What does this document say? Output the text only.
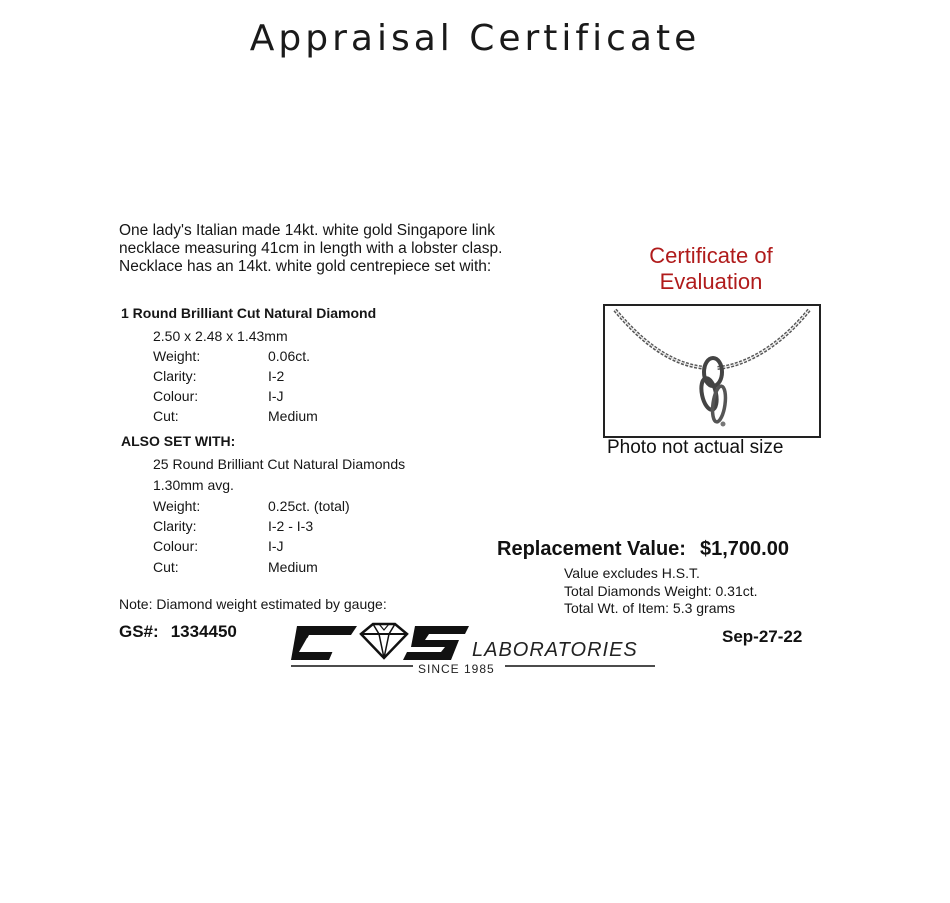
Appraisal Certificate
One lady's Italian made 14kt. white gold Singapore link
necklace measuring 41cm in length with a lobster clasp.
Necklace has an 14kt. white gold centrepiece set with:
1 Round Brilliant Cut Natural Diamond
2.50 x 2.48 x 1.43mm
Weight:	0.06ct.
Clarity:	I-2
Colour:	I-J
Cut:	Medium
ALSO SET WITH:
25 Round Brilliant Cut Natural Diamonds
1.30mm avg.
Weight:	0.25ct. (total)
Clarity:	I-2 - I-3
Colour:	I-J
Cut:	Medium
Note: Diamond weight estimated by gauge:
Certificate of
Evaluation
Photo not actual size
Replacement Value: $1,700.00
Value excludes H.S.T.
Total Diamonds Weight: 0.31ct.
Total Wt. of Item: 5.3 grams
GS#: 1334450	Sep-27-22
LABORATORIES
SINCE 1985
